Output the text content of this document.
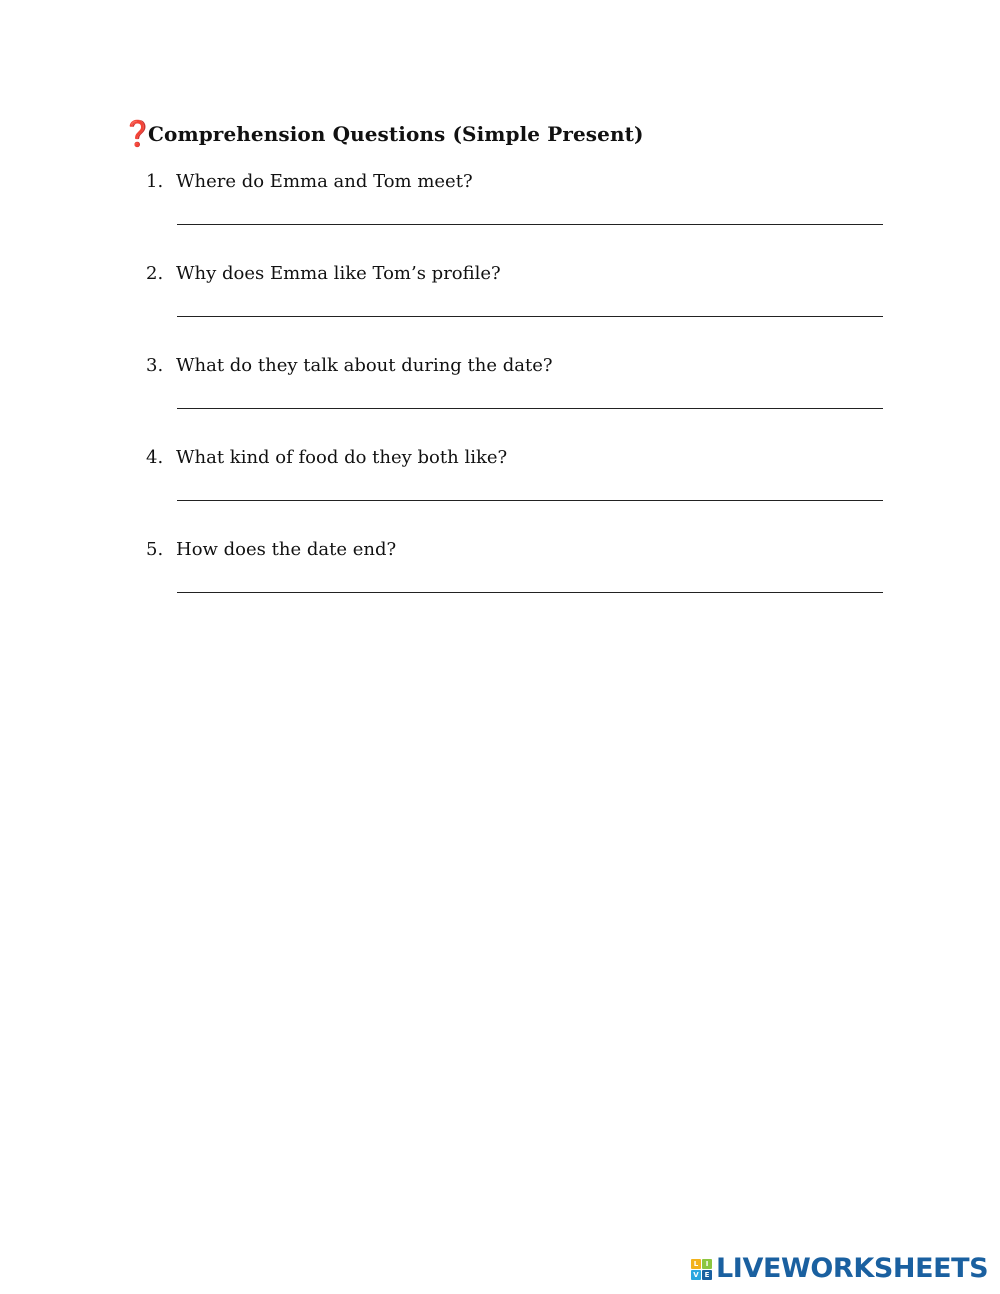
❓
Comprehension Questions (Simple Present)
1. Where do Emma and Tom meet?
2. Why does Emma like Tom’s profile?
3. What do they talk about during the date?
4. What kind of food do they both like?
5. How does the date end?
L	I
V E LIVEWORKSHEETS
